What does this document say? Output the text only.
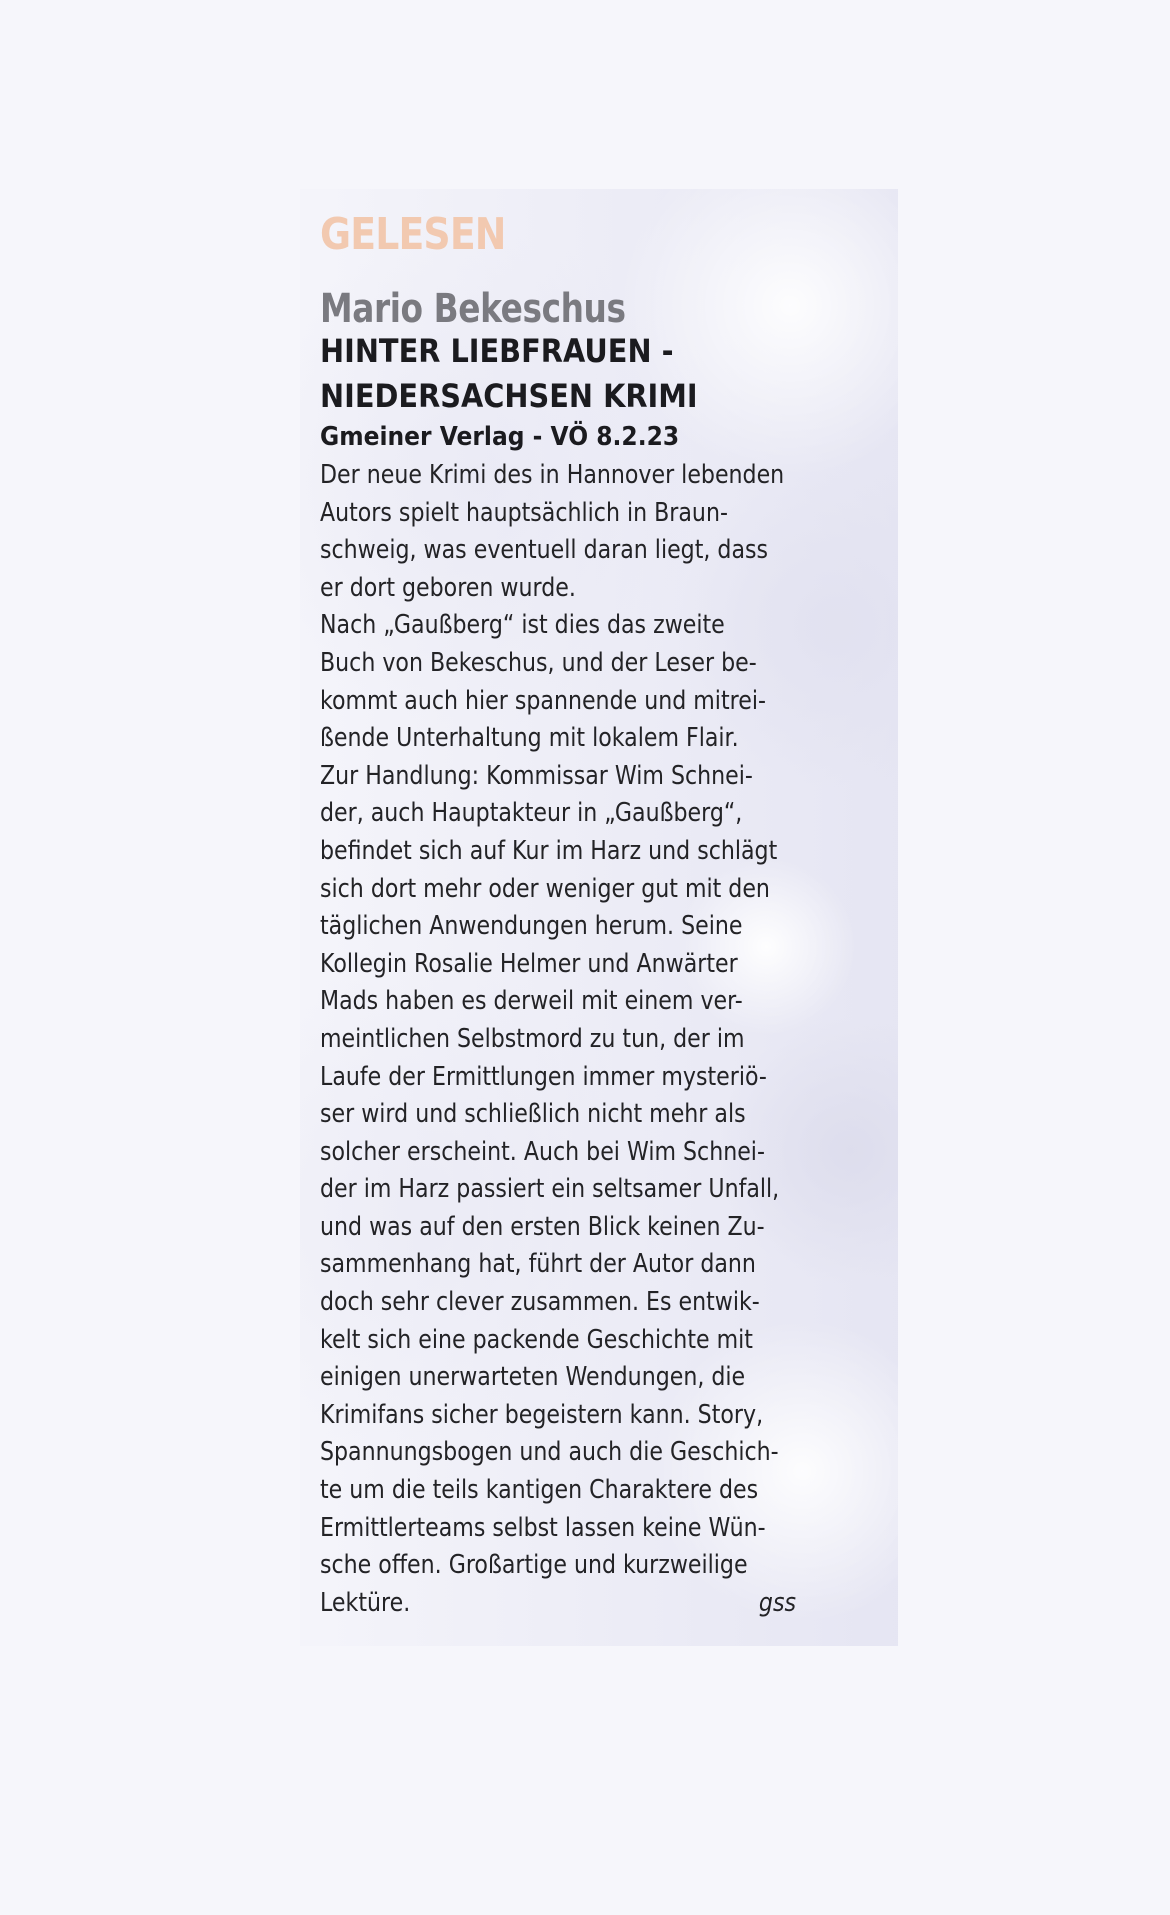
GELESEN
Mario Bekeschus
HINTER LIEBFRAUEN -
NIEDERSACHSEN KRIMI
Gmeiner Verlag - VÖ 8.2.23
Der neue Krimi des in Hannover lebenden
Autors spielt hauptsächlich in Braun-
schweig, was eventuell daran liegt, dass
er dort geboren wurde.
Nach „Gaußberg“ ist dies das zweite
Buch von Bekeschus, und der Leser be-
kommt auch hier spannende und mitrei-
ßende Unterhaltung mit lokalem Flair.
Zur Handlung: Kommissar Wim Schnei-
der, auch Hauptakteur in „Gaußberg“,
befindet sich auf Kur im Harz und schlägt
sich dort mehr oder weniger gut mit den
täglichen Anwendungen herum. Seine
Kollegin Rosalie Helmer und Anwärter
Mads haben es derweil mit einem ver-
meintlichen Selbstmord zu tun, der im
Laufe der Ermittlungen immer mysteriö-
ser wird und schließlich nicht mehr als
solcher erscheint. Auch bei Wim Schnei-
der im Harz passiert ein seltsamer Unfall,
und was auf den ersten Blick keinen Zu-
sammenhang hat, führt der Autor dann
doch sehr clever zusammen. Es entwik-
kelt sich eine packende Geschichte mit
einigen unerwarteten Wendungen, die
Krimifans sicher begeistern kann. Story,
Spannungsbogen und auch die Geschich-
te um die teils kantigen Charaktere des
Ermittlerteams selbst lassen keine Wün-
sche offen. Großartige und kurzweilige
Lektüre.	gss
